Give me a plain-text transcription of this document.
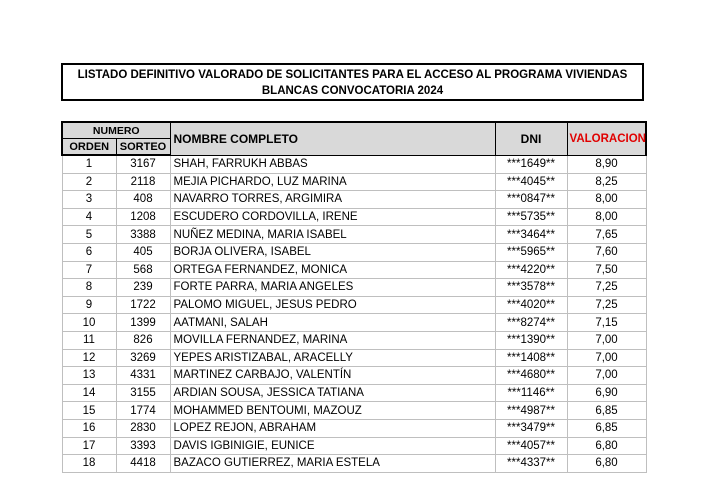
LISTADO DEFINITIVO VALORADO DE SOLICITANTES PARA EL ACCESO AL PROGRAMA VIVIENDAS
BLANCAS CONVOCATORIA 2024
NUMERO		NOMBRE COMPLETO	DNI	VALORACION
ORDEN	SORTEO			
1	3167	SHAH, FARRUKH ABBAS	***1649**	8,90
2	2118	MEJIA PICHARDO, LUZ MARINA	***4045**	8,25
3	408	NAVARRO TORRES, ARGIMIRA	***0847**	8,00
4	1208	ESCUDERO CORDOVILLA, IRENE	***5735**	8,00
5	3388	NUÑEZ MEDINA, MARIA ISABEL	***3464**	7,65
6	405	BORJA OLIVERA, ISABEL	***5965**	7,60
7	568	ORTEGA FERNANDEZ, MONICA	***4220**	7,50
8	239	FORTE PARRA, MARIA ANGELES	***3578**	7,25
9	1722	PALOMO MIGUEL, JESUS PEDRO	***4020**	7,25
10	1399	AATMANI, SALAH	***8274**	7,15
11	826	MOVILLA FERNANDEZ, MARINA	***1390**	7,00
12	3269	YEPES ARISTIZABAL, ARACELLY	***1408**	7,00
13	4331	MARTINEZ CARBAJO, VALENTÍN	***4680**	7,00
14	3155	ARDIAN SOUSA, JESSICA TATIANA	***1146**	6,90
15	1774	MOHAMMED BENTOUMI, MAZOUZ	***4987**	6,85
16	2830	LOPEZ REJON, ABRAHAM	***3479**	6,85
17	3393	DAVIS IGBINIGIE, EUNICE	***4057**	6,80
18	4418	BAZACO GUTIERREZ, MARIA ESTELA	***4337**	6,80
